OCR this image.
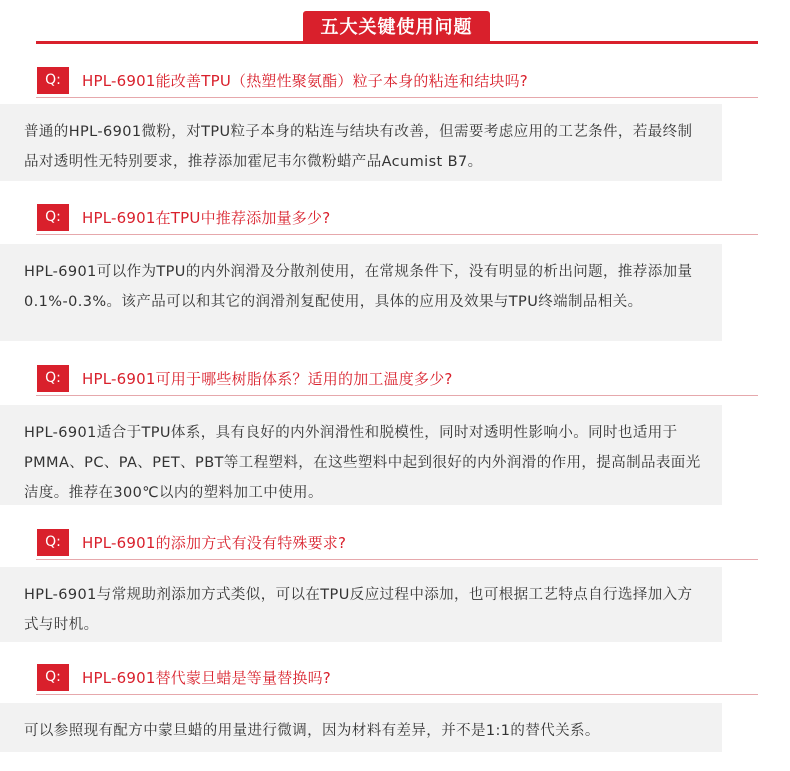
五大关键使用问题
Q:	HPL-6901能改善TPU（热塑性聚氨酯）粒子本身的粘连和结块吗?
普通的HPL-6901微粉，对TPU粒子本身的粘连与结块有改善，但需要考虑应用的工艺条件，若最终制品对透明性无特别要求，推荐添加霍尼韦尔微粉蜡产品Acumist B7。
Q:	HPL-6901在TPU中推荐添加量多少?
HPL-6901可以作为TPU的内外润滑及分散剂使用，在常规条件下，没有明显的析出问题，推荐添加量0.1%-0.3%。该产品可以和其它的润滑剂复配使用，具体的应用及效果与TPU终端制品相关。
Q:	HPL-6901可用于哪些树脂体系？适用的加工温度多少?
HPL-6901适合于TPU体系，具有良好的内外润滑性和脱模性，同时对透明性影响小。同时也适用于PMMA、PC、PA、PET、PBT等工程塑料，在这些塑料中起到很好的内外润滑的作用，提高制品表面光洁度。推荐在300℃以内的塑料加工中使用。
Q:	HPL-6901的添加方式有没有特殊要求?
HPL-6901与常规助剂添加方式类似，可以在TPU反应过程中添加，也可根据工艺特点自行选择加入方式与时机。
Q:	HPL-6901替代蒙旦蜡是等量替换吗?
可以参照现有配方中蒙旦蜡的用量进行微调，因为材料有差异，并不是1:1的替代关系。
